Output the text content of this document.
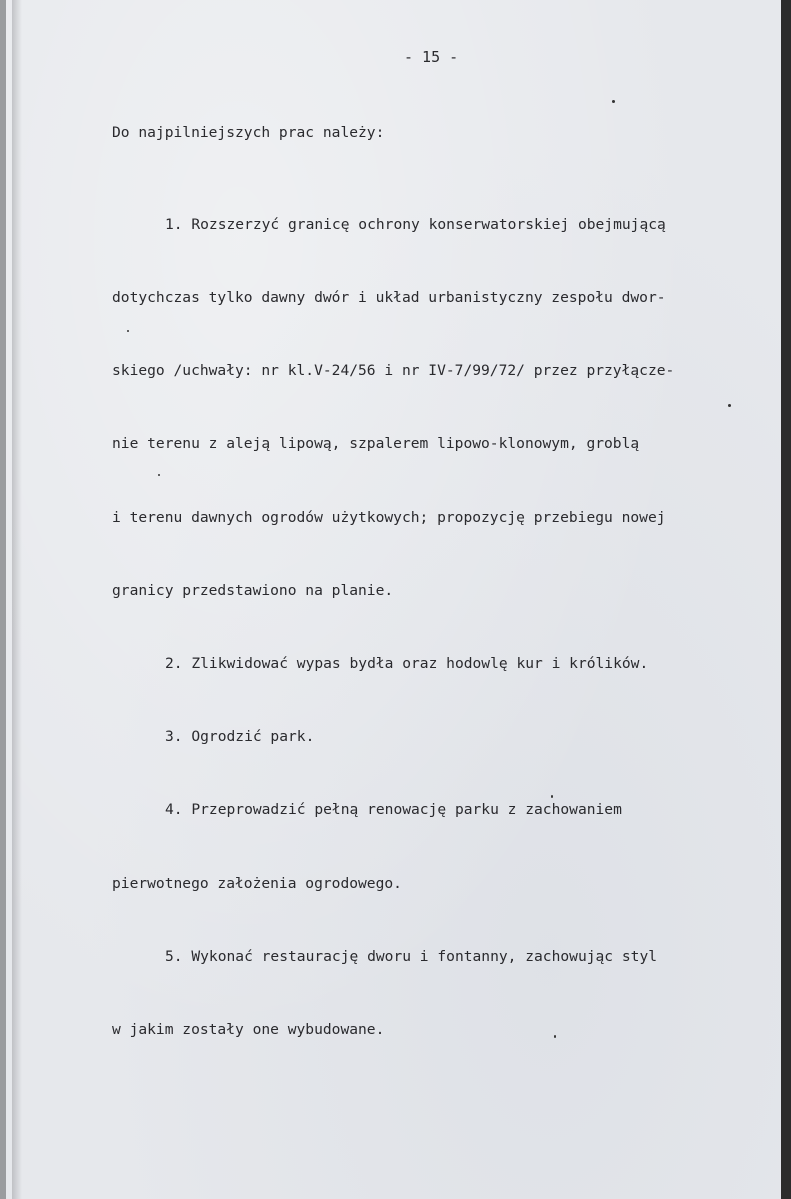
- 15 -
Do najpilniejszych prac należy:

1. Rozszerzyć granicę ochrony konserwatorskiej obejmującą

dotychczas tylko dawny dwór i układ urbanistyczny zespołu dwor-

skiego /uchwały: nr kl.V-24/56 i nr IV-7/99/72/ przez przyłącze-

nie terenu z aleją lipową, szpalerem lipowo-klonowym, groblą

i terenu dawnych ogrodów użytkowych; propozycję przebiegu nowej

granicy przedstawiono na planie.

2. Zlikwidować wypas bydła oraz hodowlę kur i królików.

3. Ogrodzić park.

4. Przeprowadzić pełną renowację parku z zachowaniem

pierwotnego założenia ogrodowego.

5. Wykonać restaurację dworu i fontanny, zachowując styl

w jakim zostały one wybudowane.
